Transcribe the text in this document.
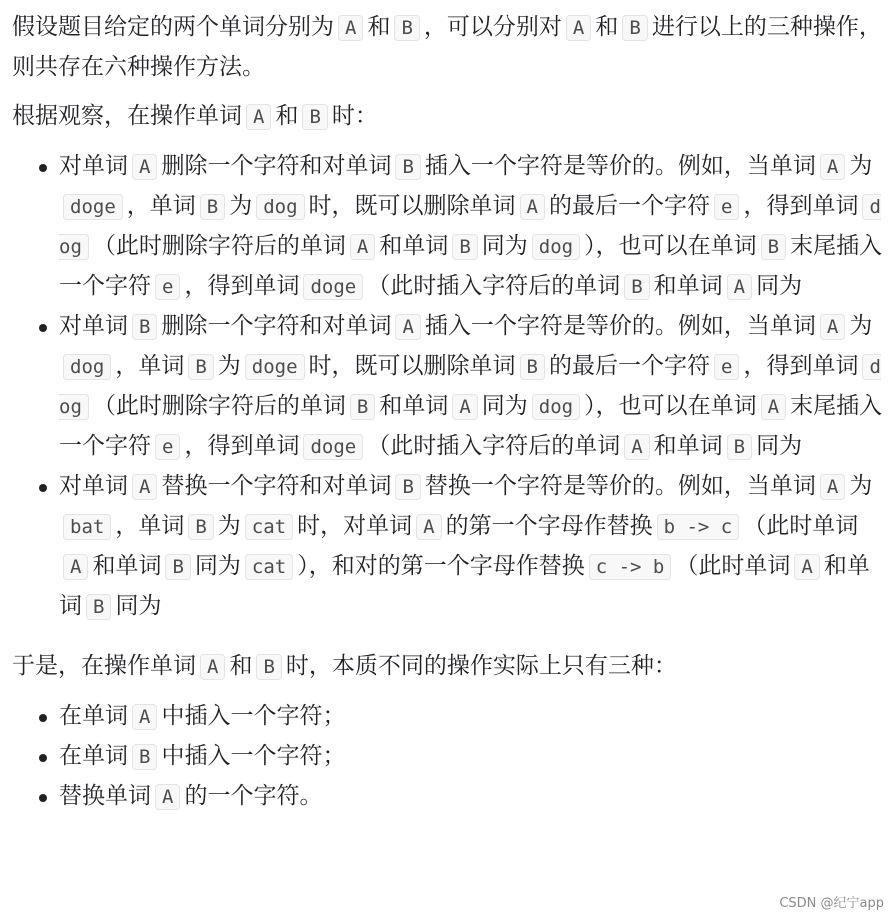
假设题目给定的两个单词分别为 A 和 B ，可以分别对 A 和 B 进行以上的三种操作，则共存在六种操作方法。

根据观察，在操作单词 A 和 B 时：

对单词 A 删除一个字符和对单词 B 插入一个字符是等价的。例如，当单词 A 为doge ，单词 B 为 dog 时，既可以删除单词 A 的最后一个字符 e ，得到单词 dog （此时删除字符后的单词 A 和单词 B 同为 dog ），也可以在单词 B 末尾插入一个字符 e ，得到单词 doge （此时插入字符后的单词 B 和单词 A 同为
对单词 B 删除一个字符和对单词 A 插入一个字符是等价的。例如，当单词 A 为dog ，单词 B 为 doge 时，既可以删除单词 B 的最后一个字符 e ，得到单词 dog （此时删除字符后的单词 B 和单词 A 同为 dog ），也可以在单词 A 末尾插入一个字符 e ，得到单词 doge （此时插入字符后的单词 A 和单词 B 同为
对单词 A 替换一个字符和对单词 B 替换一个字符是等价的。例如，当单词 A 为bat ，单词 B 为 cat 时，对单词 A 的第一个字母作替换 b -> c （此时单词A 和单词 B 同为 cat ），和对的第一个字母作替换 c -> b （此时单词 A 和单词 B 同为

于是，在操作单词 A 和 B 时，本质不同的操作实际上只有三种：

在单词 A 中插入一个字符；
在单词 B 中插入一个字符；
替换单词 A 的一个字符。
CSDN @纪宁app
